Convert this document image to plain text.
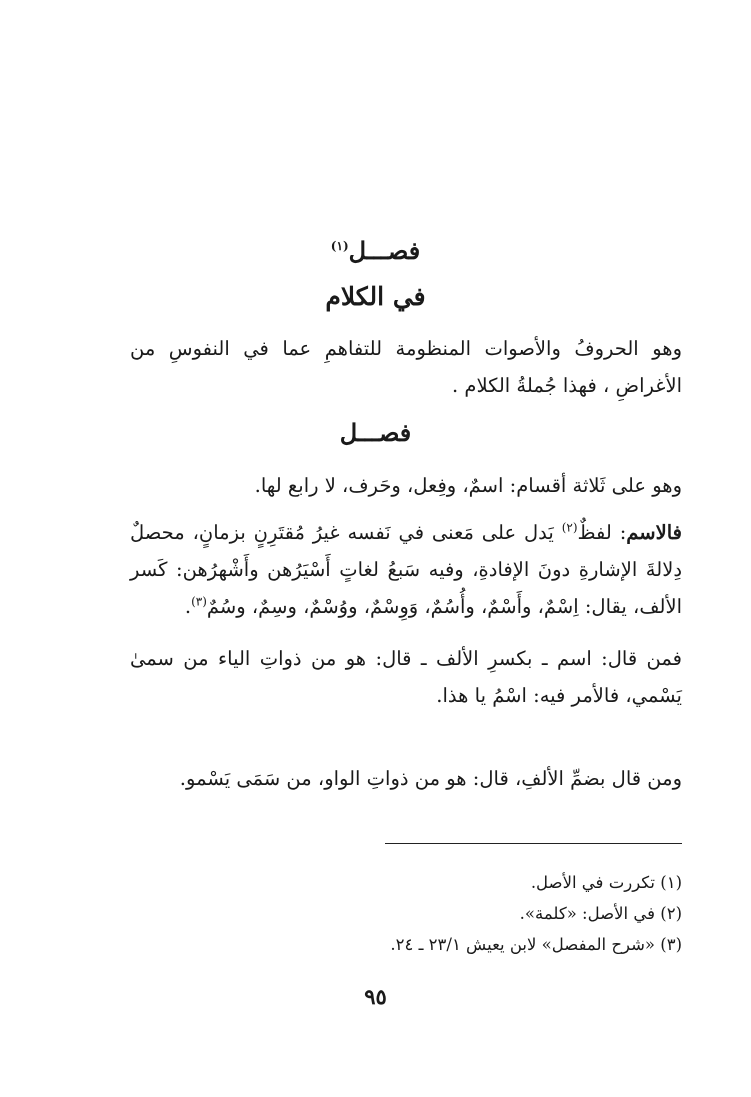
فصـــل$^{(١)}$
في الكلام

وهو الحروفُ والأصوات المنظومة للتفاهمِ عما في النفوسِ من الأغراضِ ، فهذا جُملةُ الكلام .

فصـــل

وهو على ثَلاثة أقسام: اسمٌ، وفِعل، وحَرف، لا رابع لها.

فالاسم: لفظٌ$^{(٢)}$ يَدل على مَعنى في نَفسه غيرُ مُقتَرِنٍ بزمانٍ، محصلٌ دِلالةَ الإشارةِ دونَ الإفادةِ، وفيه سَبعُ لغاتٍ أَسْيَرُهن وأَشْهرُهن: كَسر الألف، يقال: اِسْمٌ، وأَسْمٌ، وأُسُمٌ، وَوِسْمٌ، ووُسْمٌ، وسِمٌ، وسُمٌ$^{(٣)}$.

فمن قال: اسم ـ بكسرِ الألف ـ قال: هو من ذواتِ الياء من سمىٰ يَسْمي، فالأمر فيه: اسْمُ يا هذا.

ومن قال بضمِّ الألفِ، قال: هو من ذواتِ الواو، من سَمَى يَسْمو.

(١) تكررت في الأصل.

(٢) في الأصل: «كلمة».

(٣) «شرح المفصل» لابن يعيش ٢٣/١ ـ ٢٤.

٩٥
